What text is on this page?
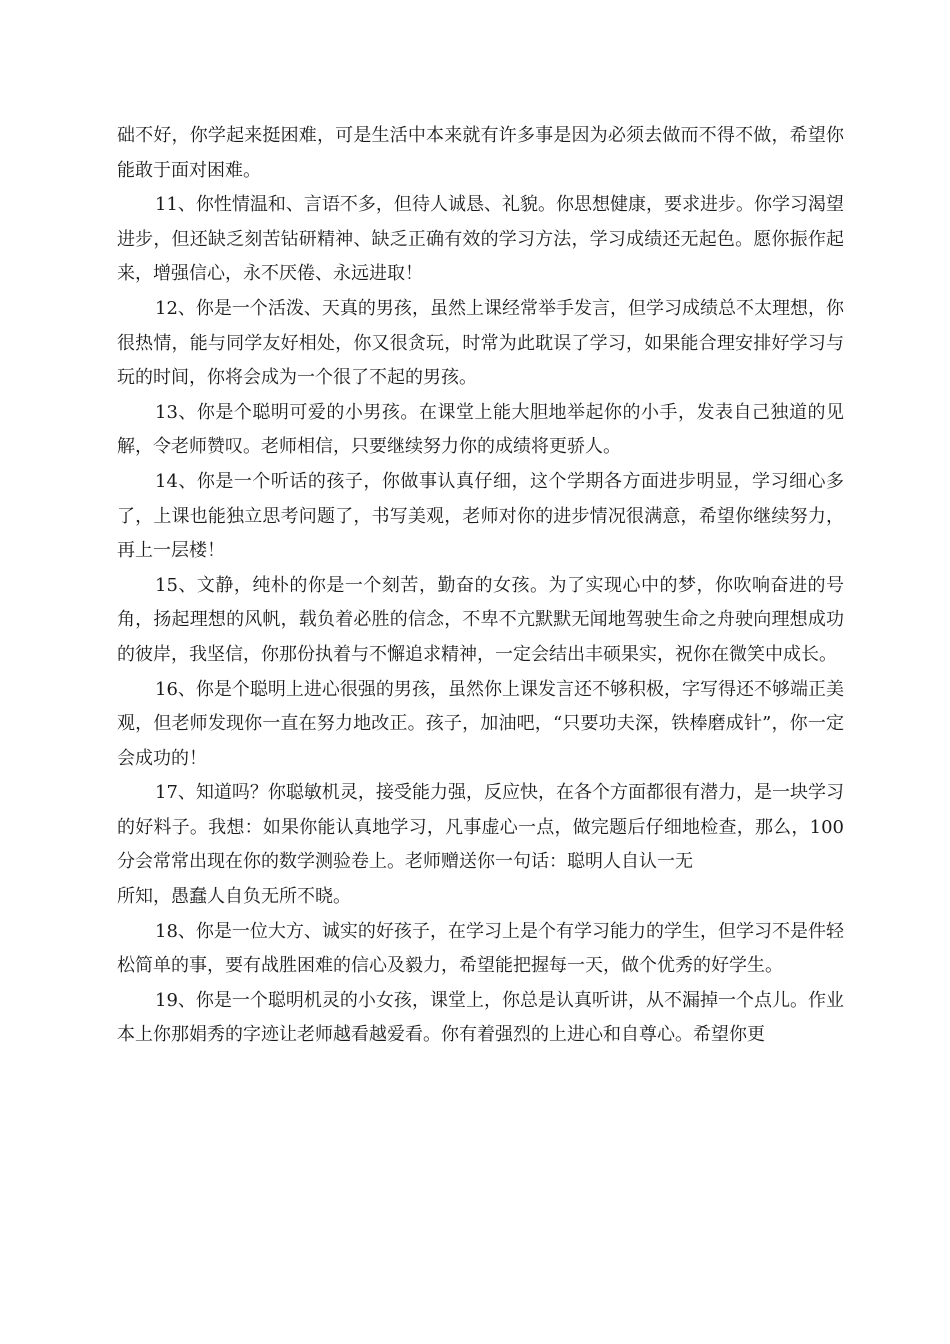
础不好，你学起来挺困难，可是生活中本来就有许多事是因为必须去做而不得不做，希望你能敢于面对困难。

11、你性情温和、言语不多，但待人诚恳、礼貌。你思想健康，要求进步。你学习渴望进步，但还缺乏刻苦钻研精神、缺乏正确有效的学习方法，学习成绩还无起色。愿你振作起来，增强信心，永不厌倦、永远进取！

12、你是一个活泼、天真的男孩，虽然上课经常举手发言，但学习成绩总不太理想，你很热情，能与同学友好相处，你又很贪玩，时常为此耽误了学习，如果能合理安排好学习与玩的时间，你将会成为一个很了不起的男孩。

13、你是个聪明可爱的小男孩。在课堂上能大胆地举起你的小手，发表自己独道的见解，令老师赞叹。老师相信，只要继续努力你的成绩将更骄人。

14、你是一个听话的孩子，你做事认真仔细，这个学期各方面进步明显，学习细心多了，上课也能独立思考问题了，书写美观，老师对你的进步情况很满意，希望你继续努力，再上一层楼！

15、文静，纯朴的你是一个刻苦，勤奋的女孩。为了实现心中的梦，你吹响奋进的号角，扬起理想的风帆，载负着必胜的信念，不卑不亢默默无闻地驾驶生命之舟驶向理想成功的彼岸，我坚信，你那份执着与不懈追求精神，一定会结出丰硕果实，祝你在微笑中成长。

16、你是个聪明上进心很强的男孩，虽然你上课发言还不够积极，字写得还不够端正美观，但老师发现你一直在努力地改正。孩子，加油吧，“只要功夫深，铁棒磨成针”，你一定会成功的！

17、知道吗？你聪敏机灵，接受能力强，反应快，在各个方面都很有潜力，是一块学习的好料子。我想：如果你能认真地学习，凡事虚心一点，做完题后仔细地检查，那么，100分会常常出现在你的数学测验卷上。老师赠送你一句话：聪明人自认一无

所知，愚蠢人自负无所不晓。

18、你是一位大方、诚实的好孩子，在学习上是个有学习能力的学生，但学习不是件轻松简单的事，要有战胜困难的信心及毅力，希望能把握每一天，做个优秀的好学生。

19、你是一个聪明机灵的小女孩，课堂上，你总是认真听讲，从不漏掉一个点儿。作业本上你那娟秀的字迹让老师越看越爱看。你有着强烈的上进心和自尊心。希望你更
